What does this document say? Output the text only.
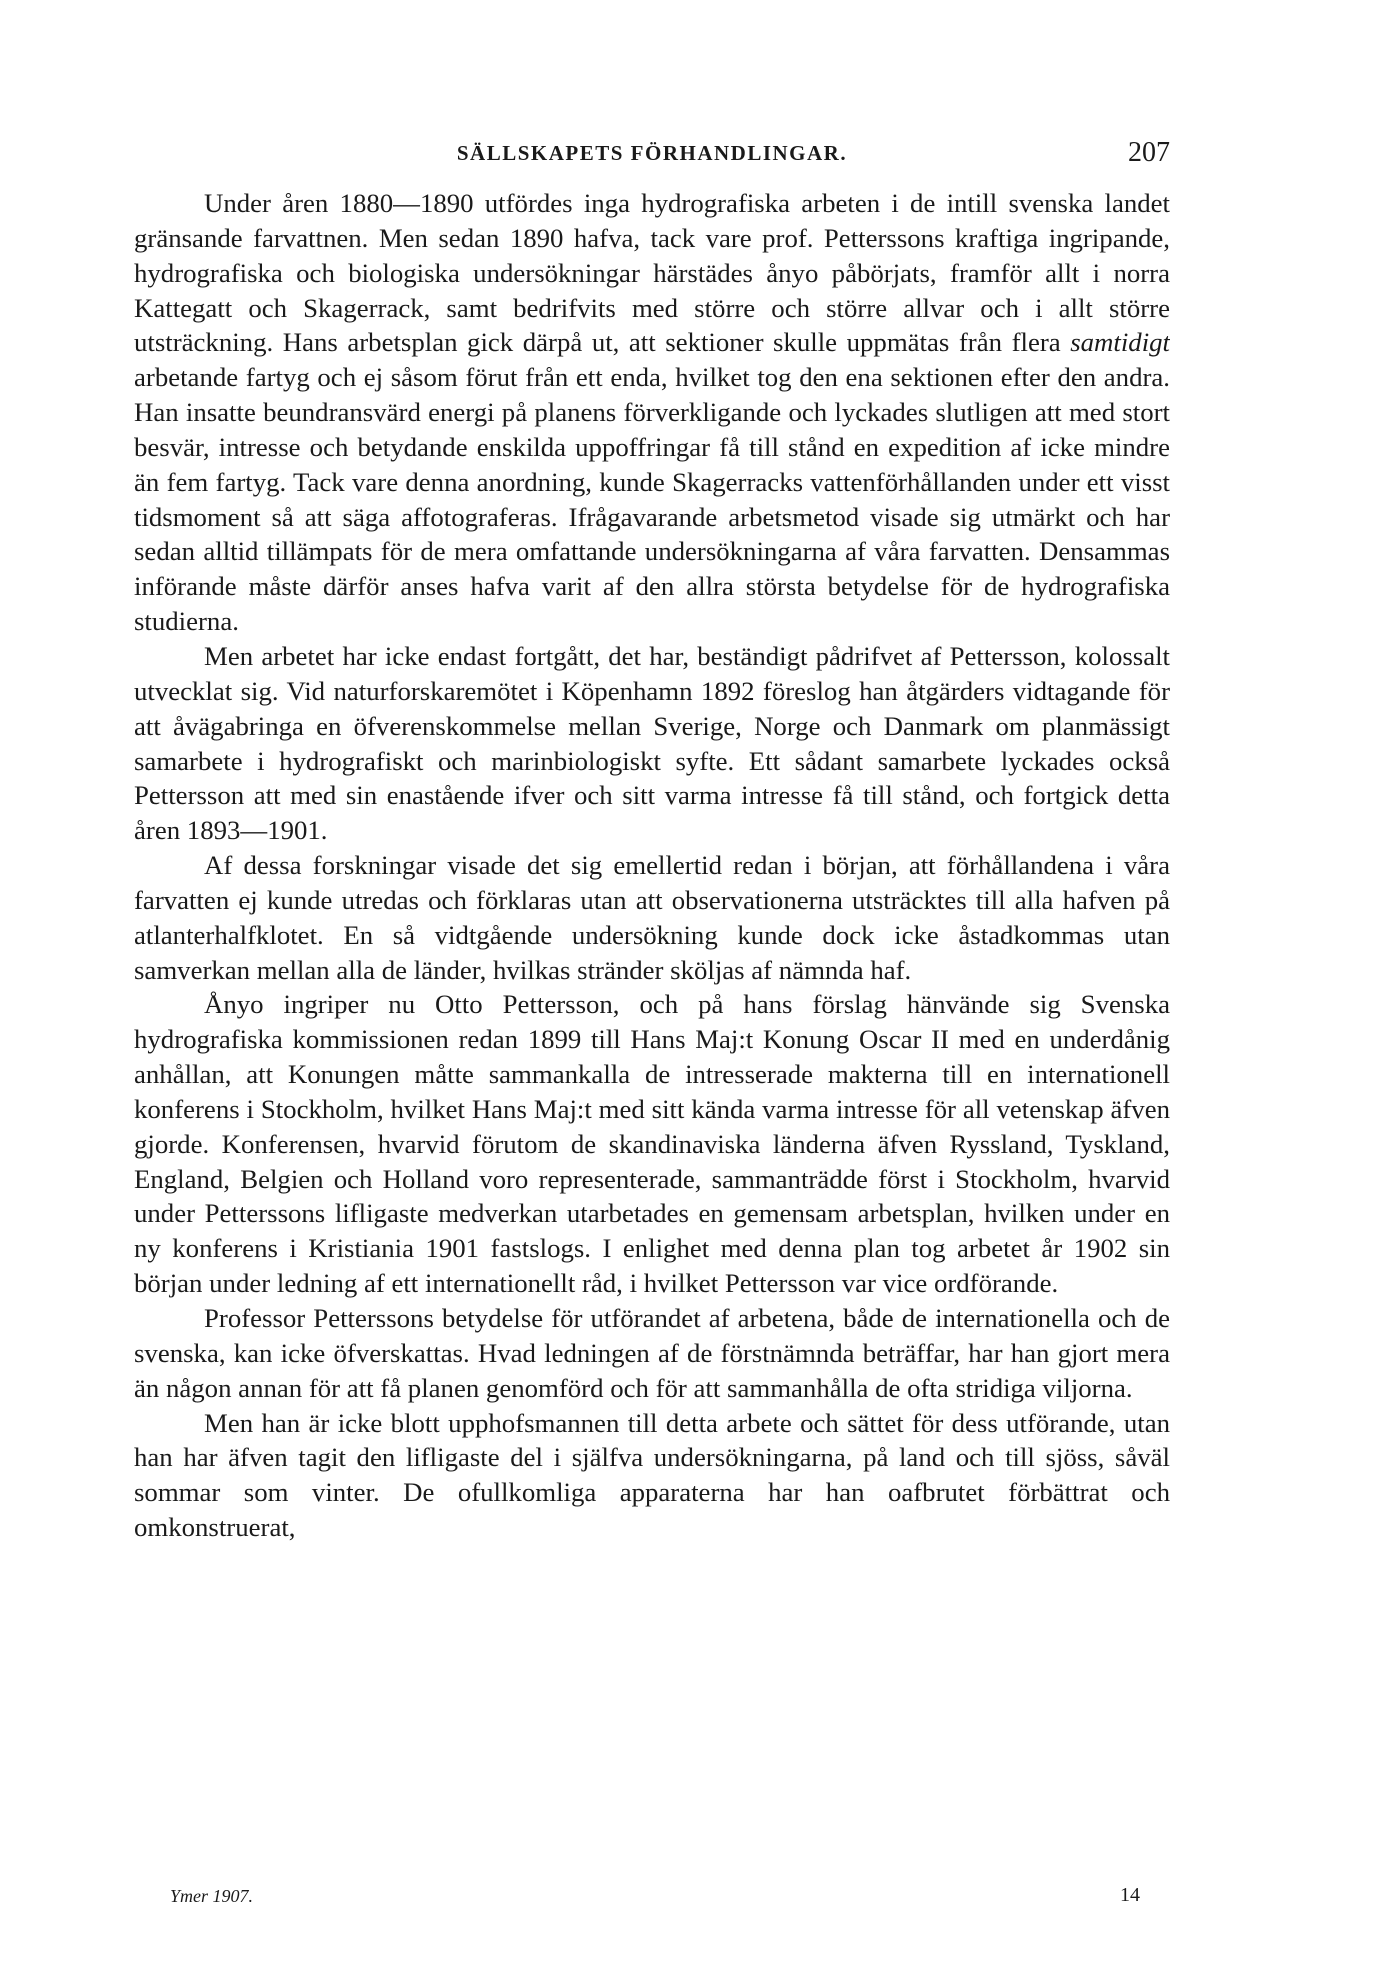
SÄLLSKAPETS FÖRHANDLINGAR.	207

Under åren 1880—1890 utfördes inga hydrografiska arbeten i de intill svenska landet gränsande farvattnen. Men sedan 1890 hafva, tack vare prof. Petterssons kraftiga ingripande, hydrografiska och biologiska undersökningar härstädes ånyo påbörjats, framför allt i norra Kattegatt och Skagerrack, samt bedrifvits med större och större allvar och i allt större utsträckning. Hans arbetsplan gick därpå ut, att sektioner skulle uppmätas från flera samtidigt arbetande fartyg och ej såsom förut från ett enda, hvilket tog den ena sektionen efter den andra. Han insatte beundransvärd energi på planens förverkligande och lyckades slutligen att med stort besvär, intresse och betydande enskilda uppoffringar få till stånd en expedition af icke mindre än fem fartyg. Tack vare denna anordning, kunde Skagerracks vattenförhållanden under ett visst tidsmoment så att säga affotograferas. Ifrågavarande arbetsmetod visade sig utmärkt och har sedan alltid tillämpats för de mera omfattande undersökningarna af våra farvatten. Densammas införande måste därför anses hafva varit af den allra största betydelse för de hydrografiska studierna.

Men arbetet har icke endast fortgått, det har, beständigt pådrifvet af Pettersson, kolossalt utvecklat sig. Vid naturforskaremötet i Köpenhamn 1892 föreslog han åtgärders vidtagande för att åvägabringa en öfverenskommelse mellan Sverige, Norge och Danmark om planmässigt samarbete i hydrografiskt och marinbiologiskt syfte. Ett sådant samarbete lyckades också Pettersson att med sin enastående ifver och sitt varma intresse få till stånd, och fortgick detta åren 1893—1901.

Af dessa forskningar visade det sig emellertid redan i början, att förhållandena i våra farvatten ej kunde utredas och förklaras utan att observationerna utsträcktes till alla hafven på atlanterhalfklotet. En så vidtgående undersökning kunde dock icke åstadkommas utan samverkan mellan alla de länder, hvilkas stränder sköljas af nämnda haf.

Ånyo ingriper nu Otto Pettersson, och på hans förslag hänvände sig Svenska hydrografiska kommissionen redan 1899 till Hans Maj:t Konung Oscar II med en underdånig anhållan, att Konungen måtte sammankalla de intresserade makterna till en internationell konferens i Stockholm, hvilket Hans Maj:t med sitt kända varma intresse för all vetenskap äfven gjorde. Konferensen, hvarvid förutom de skandinaviska länderna äfven Ryssland, Tyskland, England, Belgien och Holland voro representerade, sammanträdde först i Stockholm, hvarvid under Petterssons lifligaste medverkan utarbetades en gemensam arbetsplan, hvilken under en ny konferens i Kristiania 1901 fastslogs. I enlighet med denna plan tog arbetet år 1902 sin början under ledning af ett internationellt råd, i hvilket Pettersson var vice ordförande.

Professor Petterssons betydelse för utförandet af arbetena, både de internationella och de svenska, kan icke öfverskattas. Hvad ledningen af de förstnämnda beträffar, har han gjort mera än någon annan för att få planen genomförd och för att sammanhålla de ofta stridiga viljorna.

Men han är icke blott upphofsmannen till detta arbete och sättet för dess utförande, utan han har äfven tagit den lifligaste del i själfva undersökningarna, på land och till sjöss, såväl sommar som vinter. De ofullkomliga apparaterna har han oafbrutet förbättrat och omkonstruerat,

Ymer 1907.	14
